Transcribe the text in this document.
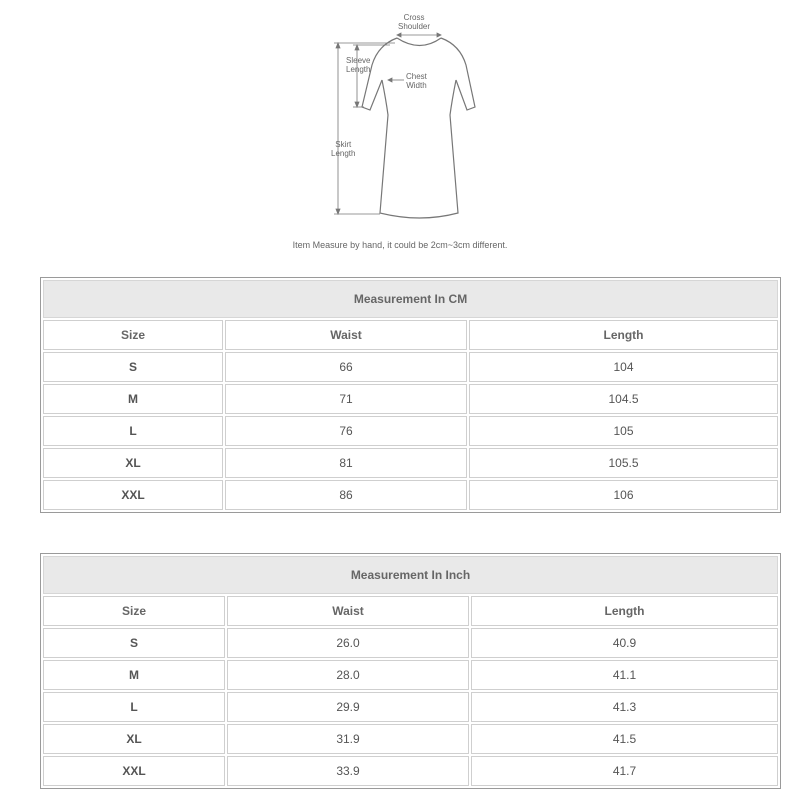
Cross
Shoulder
Sleeve
Length
Chest
Width
Skirt
Length
Item Measure by hand, it could be 2cm~3cm different.
Measurement In CM		
Size	Waist	Length
S	66	104
M	71	104.5
L	76	105
XL	81	105.5
XXL	86	106
Measurement In Inch		
Size	Waist	Length
S	26.0	40.9
M	28.0	41.1
L	29.9	41.3
XL	31.9	41.5
XXL	33.9	41.7
